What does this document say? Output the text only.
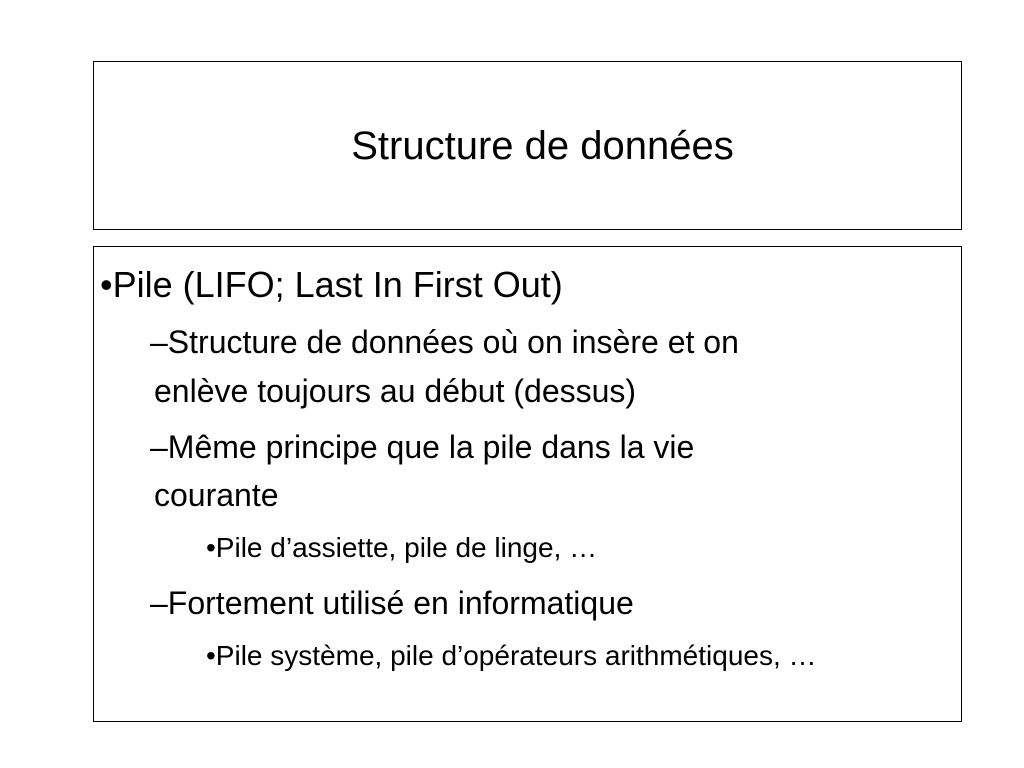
Structure de données
•Pile (LIFO; Last In First Out)
–Structure de données où on insère et on
enlève toujours au début (dessus)
–Même principe que la pile dans la vie
courante
•Pile d’assiette, pile de linge, …
–Fortement utilisé en informatique
•Pile système, pile d’opérateurs arithmétiques, …
